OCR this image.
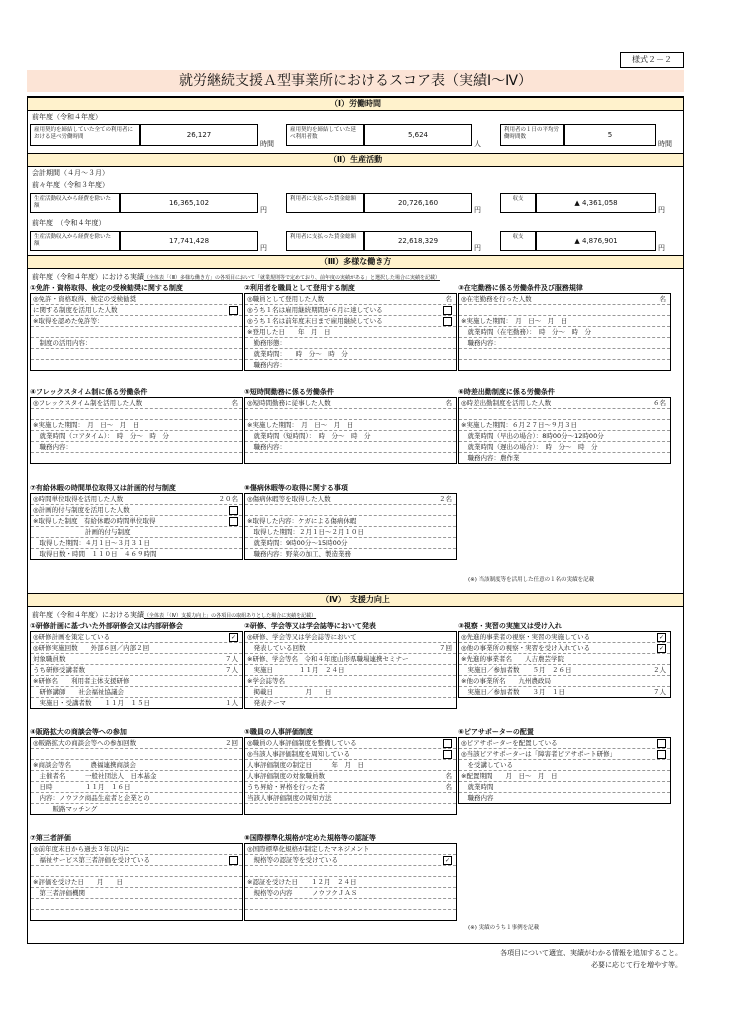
様式２－２
就労継続支援Ａ型事業所におけるスコア表（実績Ⅰ～Ⅳ）
（Ⅰ）労働時間
前年度（令和４年度）
雇用契約を締結していた全ての利用者における延べ労働時間	26,127
時間
雇用契約を締結していた延べ利用者数	5,624
人
利用者の１日の平均労働時間数	5
時間
（Ⅱ）生産活動
会計期間（４月～３月）
前々年度（令和３年度）
生産活動収入から経費を除いた額	16,365,102
円
利用者に支払った賃金総額	20,726,160
円
収支	▲ 4,361,058
円
前年度　（令和４年度）
生産活動収入から経費を除いた額	17,741,428
円
利用者に支払った賃金総額	22,618,329
円
収支	▲ 4,876,901
円
（Ⅲ）多様な働き方
前年度（令和４年度）における実績（全体表「（Ⅲ）多様な働き方」の各項目において「就業規則等で定めており、前年度の実績がある」と選択した場合に実績を記載）
①免許・資格取得、検定の受検勧奨に関する制度
◎免許・資格取得、検定の受検勧奨
に関する制度を活用した人数
※取得を認めた免許等：
　制度の活用内容：
②利用者を職員として登用する制度
◎職員として登用した人数	名
◎うち１名は雇用継続期間が６月に達している
◎うち１名は前年度末日まで雇用継続している
※登用した日　　年　月　日
　勤務形態：
　就業時間：　　時　分～　時　分
　職務内容：
③在宅勤務に係る労働条件及び服務規律
◎在宅勤務を行った人数	名
※実施した期間：　月　日～　月　日
　就業時間（在宅勤務）：　時　分～　時　分
　職務内容：
④フレックスタイム制に係る労働条件
◎フレックスタイム制を活用した人数	名
※実施した期間：　月　日～　月　日
　就業時間（コアタイム）：　時　分～　時　分
　職務内容：
⑤短時間勤務に係る労働条件
◎短時間勤務に従事した人数	名
※実施した期間：　月　日～　月　日
　就業時間（短時間）：　時　分～　時　分
　職務内容：
⑥時差出勤制度に係る労働条件
◎時差出勤制度を活用した人数	６名
※実施した期間：６月２７日～９月３日
　就業時間（早出の場合）：8時00分～12時00分
　就業時間（遅出の場合）：　時　分～　時　分
　職務内容：農作業
⑦有給休暇の時間単位取得又は計画的付与制度
◎時間単位取得を活用した人数	２０名
◎計画的付与制度を活用した人数
※取得した制度　有給休暇の時間単位取得
　　　　　　　　計画的付与制度
　取得した期間：４月１日～３月３１日
　取得日数・時間　１１０日　４６９時間
⑧傷病休暇等の取得に関する事項
◎傷病休暇等を取得した人数	２名
※取得した内容：ケガによる傷病休暇
　取得した期間：２月１日～２月１０日
　就業時間：9時00分～15時00分
　職務内容：野菜の加工、製造業務
(※) 当該制度等を活用した任意の１名の実績を記載
（Ⅳ）　支援力向上
前年度（令和４年度）における実績（全体表「（Ⅳ）支援力向上」の各項目の取組ありとした場合に実績を記載）
①研修計画に基づいた外部研修会又は内部研修会
◎研修計画を策定している	✓
◎研修実施回数　　外部６回／内部２回
対象職員数	７人
うち研修受講者数	７人
※研修名　　利用者主体支援研修
　研修講師　　社会福祉協議会
　実施日・受講者数　　１１月　１５日	１人
②研修、学会等又は学会誌等において発表
◎研修、学会等又は学会誌等において
　発表している回数	７回
※研修、学会等名　令和４年度山形県職場連携セミナー
　実施日　　　　１１月　２４日
※学会誌等名
　掲載日　　　　　月　　日
　発表テーマ
③視察・実習の実施又は受け入れ
◎先進的事業者の視察・実習の実施している	✓
◎他の事業所の視察・実習を受け入れている	✓
※先進的事業者名　　人吉農芸学院
　実施日／参加者数　　５月　２６日	２人
※他の事業所名　　九州農政局
　実施日／参加者数　　３月　１日	７人
④販路拡大の商談会等への参加
◎販路拡大の商談会等への参加回数	２回
※商談会等名　　　農福連携商談会
　主催者名　　　一般社団法人　日本基金
　日時　　　　　１１月　１６日
　内容：ノウフク商品生産者と企業との
　　　販路マッチング
⑤職員の人事評価制度
◎職員の人事評価制度を整備している
◎当該人事評価制度を周知している
人事評価制度の制定日　　　年　月　日
人事評価制度の対象職員数	名
うち昇給・昇格を行った者	名
当該人事評価制度の周知方法
⑥ピアサポーターの配置
◎ピアサポーターを配置している
◎当該ピアサポーターは「障害者ピアサポート研修」
　を受講している
※配置期間　　月　日～　月　日
　就業時間
　職務内容
⑦第三者評価
◎前年度末日から過去３年以内に
　福祉サービス第三者評価を受けている
※評価を受けた日　　月　　日
　第三者評価機関
⑧国際標準化規格が定めた規格等の認証等
◎国際標準化規格が制定したマネジメント
　規格等の認証等を受けている	✓
※認証を受けた日　　１２月　２４日
　規格等の内容　　　ノウフクＪＡＳ
(※) 実績のうち１事例を記載
各項目について適宜、実績がわかる情報を追加すること。
必要に応じて行を増やす等。
